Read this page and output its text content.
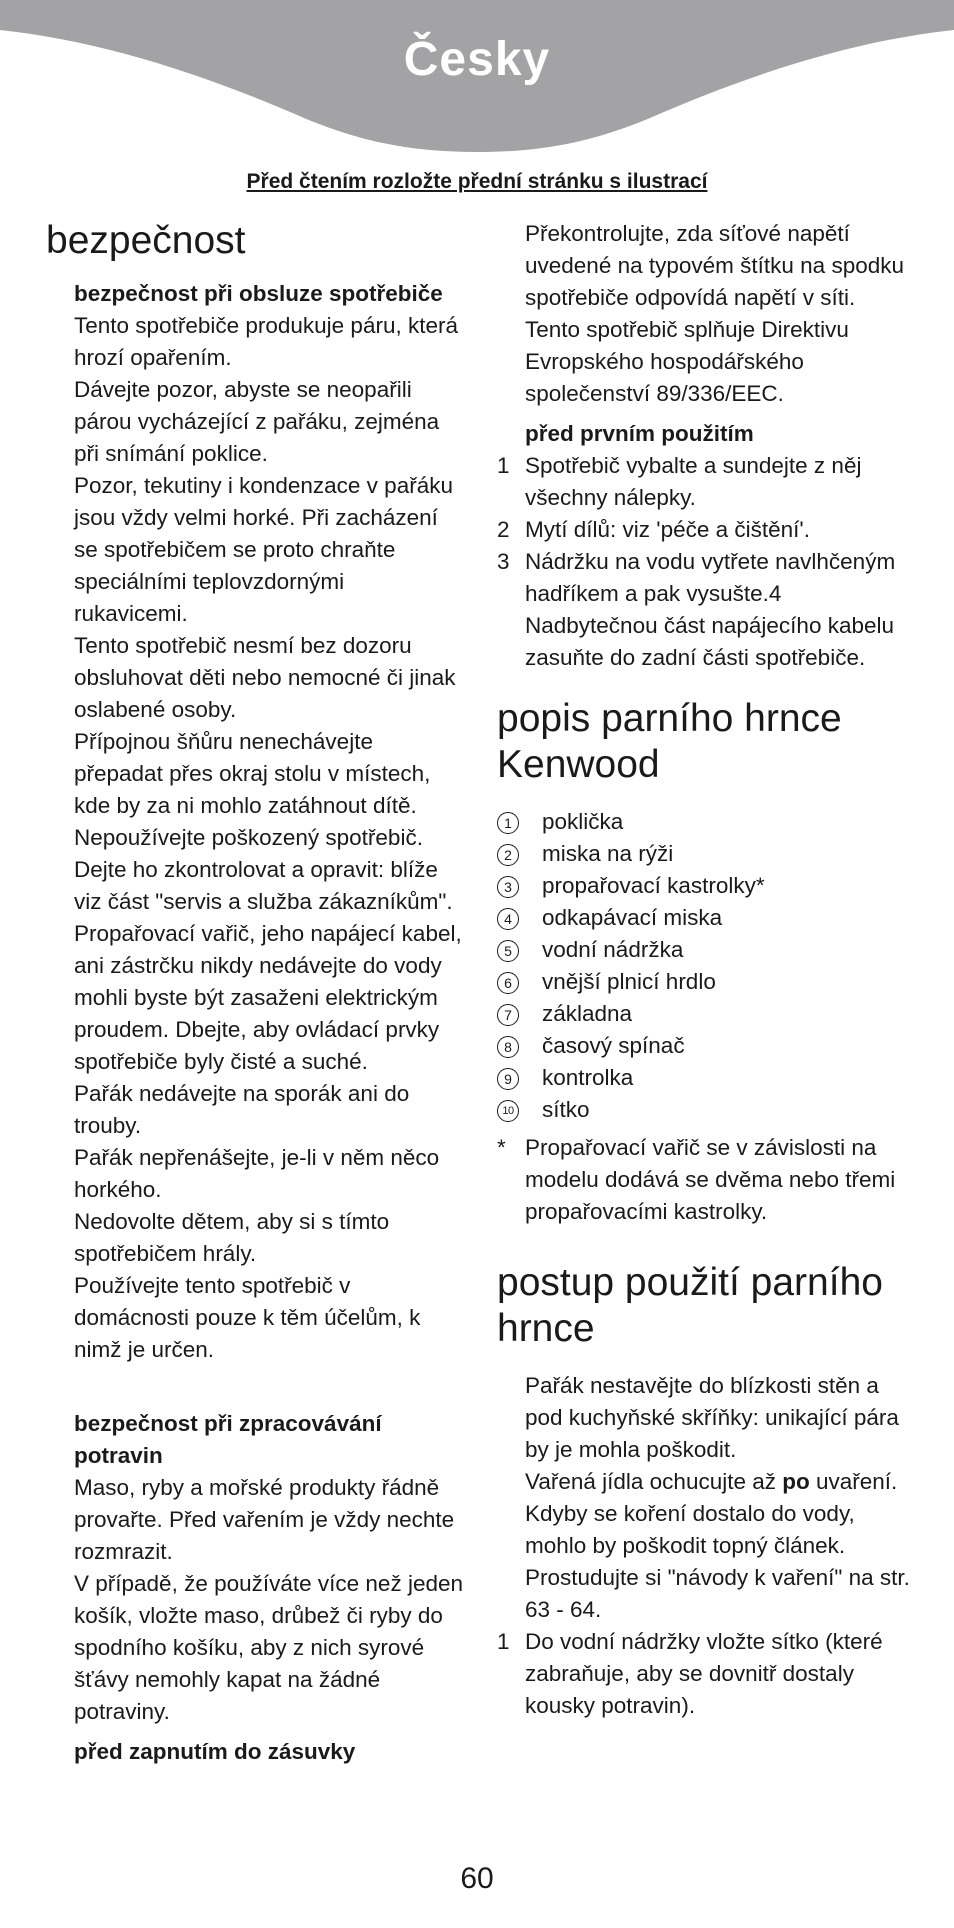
Česky
Před čtením rozložte přední stránku s ilustrací
bezpečnost

bezpečnost při obsluze spotřebiče

Tento spotřebiče produkuje páru, která hrozí opařením.

Dávejte pozor, abyste se neopařili párou vycházející z pařáku, zejména při snímání poklice.

Pozor, tekutiny i kondenzace v pařáku jsou vždy velmi horké. Při zacházení se spotřebičem se proto chraňte speciálními teplovzdornými rukavicemi.

Tento spotřebič nesmí bez dozoru obsluhovat děti nebo nemocné či jinak oslabené osoby.

Přípojnou šňůru nenechávejte přepadat přes okraj stolu v místech, kde by za ni mohlo zatáhnout dítě.

Nepoužívejte poškozený spotřebič. Dejte ho zkontrolovat a opravit: blíže viz část "servis a služba zákazníkům".

Propařovací vařič, jeho napájecí kabel, ani zástrčku nikdy nedávejte do vody mohli byste být zasaženi elektrickým proudem. Dbejte, aby ovládací prvky spotřebiče byly čisté a suché.

Pařák nedávejte na sporák ani do trouby.

Pařák nepřenášejte, je-li v něm něco horkého.

Nedovolte dětem, aby si s tímto spotřebičem hrály.

Používejte tento spotřebič v domácnosti pouze k těm účelům, k nimž je určen.

bezpečnost při zpracovávání potravin

Maso, ryby a mořské produkty řádně provařte. Před vařením je vždy nechte rozmrazit.

V případě, že používáte více než jeden košík, vložte maso, drůbež či ryby do spodního košíku, aby z nich syrové šťávy nemohly kapat na žádné potraviny.

před zapnutím do zásuvky

Překontrolujte, zda síťové napětí uvedené na typovém štítku na spodku spotřebiče odpovídá napětí v síti.

Tento spotřebič splňuje Direktivu Evropského hospodářského společenství 89/336/EEC.

před prvním použitím

1 Spotřebič vybalte a sundejte z něj všechny nálepky.
2 Mytí dílů: viz 'péče a čištění'.
3 Nádržku na vodu vytřete navlhčeným hadříkem a pak vysušte.4 Nadbytečnou část napájecího kabelu zasuňte do zadní části spotřebiče.
popis parního hrnce Kenwood
1	poklička
2	miska na rýži
3	propařovací kastrolky*
4	odkapávací miska
5	vodní nádržka
6	vnější plnicí hrdlo
7	základna
8	časový spínač
9	kontrolka
10 sítko
* Propařovací vařič se v závislosti na modelu dodává se dvěma nebo třemi propařovacími kastrolky.
postup použití parního hrnce

Pařák nestavějte do blízkosti stěn a pod kuchyňské skříňky: unikající pára by je mohla poškodit.

Vařená jídla ochucujte až po uvaření. Kdyby se koření dostalo do vody, mohlo by poškodit topný článek.

Prostudujte si "návody k vaření" na str. 63 - 64.

1 Do vodní nádržky vložte sítko (které zabraňuje, aby se dovnitř dostaly kousky potravin).
60
